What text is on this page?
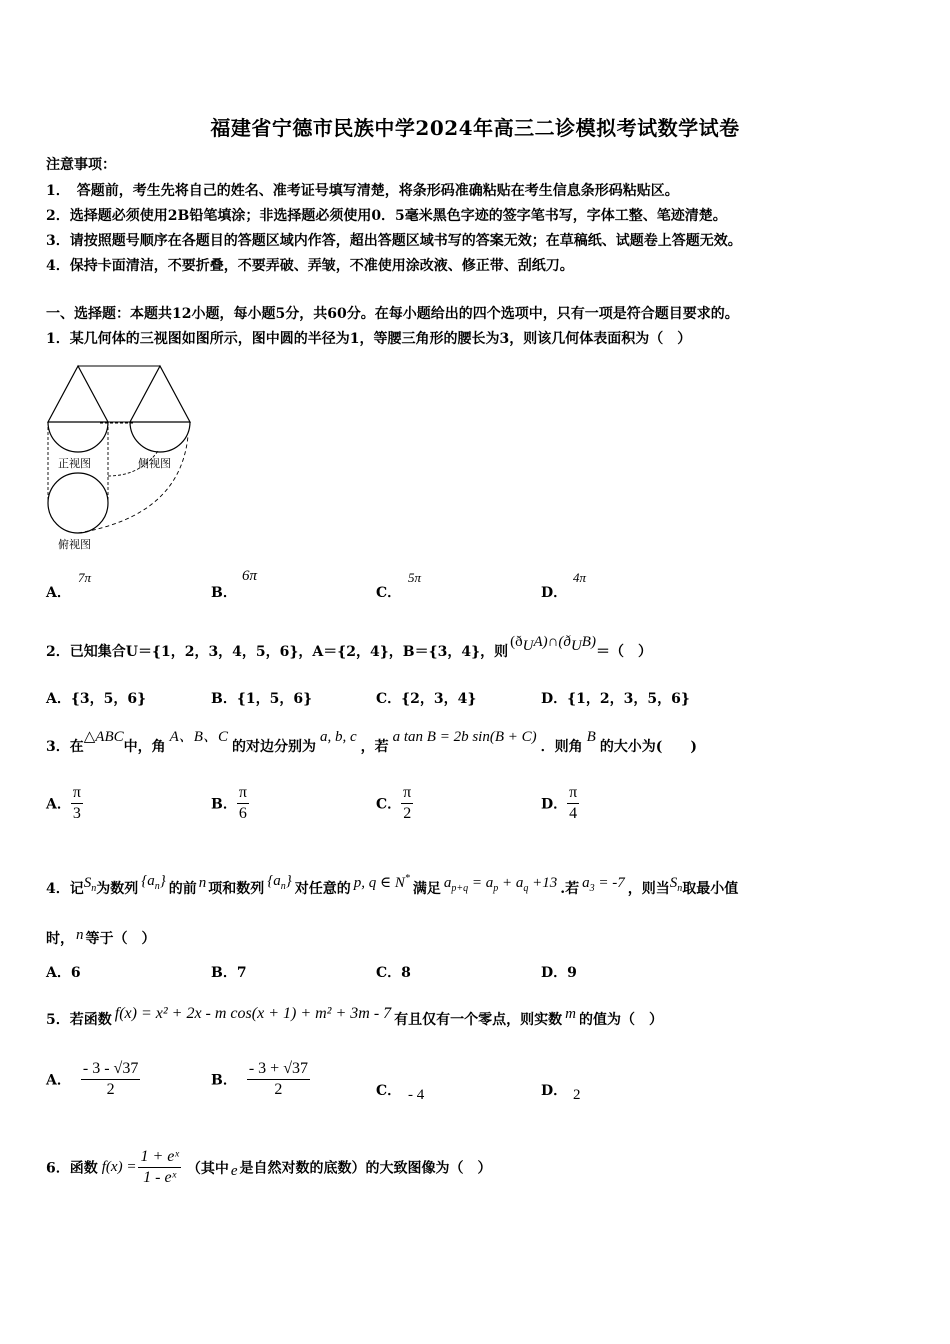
福建省宁德市民族中学2024年高三二诊模拟考试数学试卷
注意事项：
1．　答题前，考生先将自己的姓名、准考证号填写清楚，将条形码准确粘贴在考生信息条形码粘贴区。
2．选择题必须使用2B铅笔填涂；非选择题必须使用0．5毫米黑色字迹的签字笔书写，字体工整、笔迹清楚。
3．请按照题号顺序在各题目的答题区域内作答，超出答题区域书写的答案无效；在草稿纸、试题卷上答题无效。
4．保持卡面清洁，不要折叠，不要弄破、弄皱，不准使用涂改液、修正带、刮纸刀。
一、选择题：本题共12小题，每小题5分，共60分。在每小题给出的四个选项中，只有一项是符合题目要求的。
1．某几何体的三视图如图所示，图中圆的半径为1，等腰三角形的腰长为3，则该几何体表面积为（　）
正视图	侧视图
俯视图
A．
7π
B．
6π
C．
5π
D．
4π
2．已知集合U＝{1，2，3，4，5，6}，A＝{2，4}，B＝{3，4}，则$(ð_UA)\cap(ð_UB)=$（　）
A．{3，5，6}	B．{1，5，6}	C．{2，3，4}	D．{1，2，3，5，6}
3．在△ABC中，角A、B、C的对边分别为a, b, c，若a tan B = 2b sin(B + C)．则角B的大小为(　　)
A． $\frac{\pi}{3}$	B． $\frac{\pi}{6}$	C． $\frac{\pi}{2}$	D． $\frac{\pi}{4}$
4．记$S_n$为数列 $\{a_n\}$ 的前 n 项和数列 $\{a_n\}$ 对任意的 p, q ∈ N*满足 $a_{p+q} = a_p + a_q +13$ .若 $a_3 = -7$ ，则当$S_n$取最小值
时， n 等于（　）
A．6	B．7	C．8	D．9
5．若函数 f(x) = x² + 2x - m cos(x + 1) + m² + 3m - 7 有且仅有一个零点，则实数 m 的值为（　）
A． $\frac{- 3 - √37}{2}$	B． $\frac{- 3 + √37}{2}$	C． - 4	D． 2
6．函数 $f(x) = \frac{\text{1 + eˣ}}{\text{1 - eˣ}}$ （其中 e 是自然对数的底数）的大致图像为（　）
